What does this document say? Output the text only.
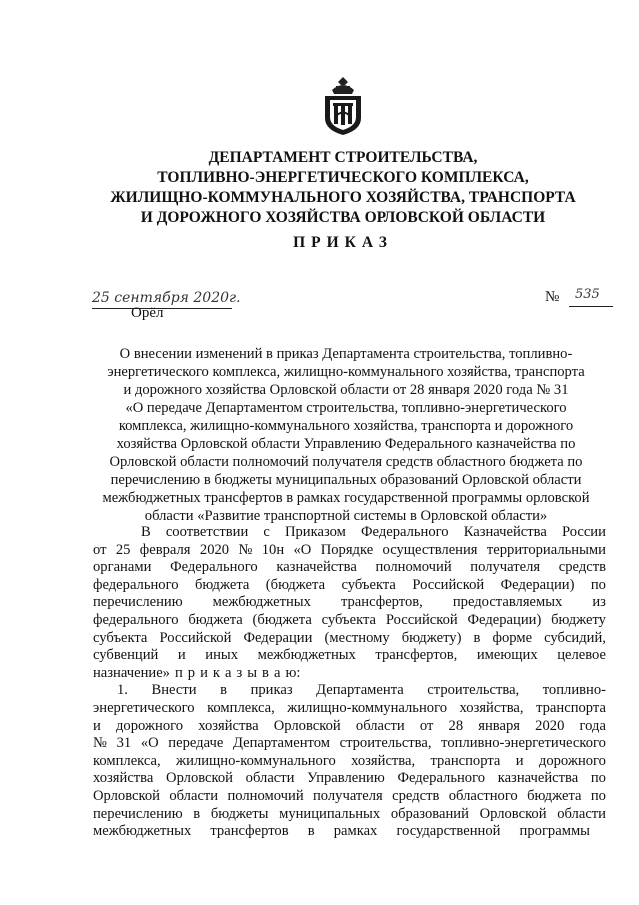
ДЕПАРТАМЕНТ СТРОИТЕЛЬСТВА,
ТОПЛИВНО-ЭНЕРГЕТИЧЕСКОГО КОМПЛЕКСА,
ЖИЛИЩНО-КОММУНАЛЬНОГО ХОЗЯЙСТВА, ТРАНСПОРТА
И ДОРОЖНОГО ХОЗЯЙСТВА ОРЛОВСКОЙ ОБЛАСТИ
ПРИКАЗ
25 сентября 2020г.
Орёл
№ 535
О внесении изменений в приказ Департамента строительства, топливно-
энергетического комплекса, жилищно-коммунального хозяйства, транспорта
и дорожного хозяйства Орловской области от 28 января 2020 года № 31
«О передаче Департаментом строительства, топливно-энергетического
комплекса, жилищно-коммунального хозяйства, транспорта и дорожного
хозяйства Орловской области Управлению Федерального казначейства по
Орловской области полномочий получателя средств областного бюджета по
перечислению в бюджеты муниципальных образований Орловской области
межбюджетных трансфертов в рамках государственной программы орловской
области «Развитие транспортной системы в Орловской области»
В соответствии с Приказом Федерального Казначейства России
от 25 февраля 2020 № 10н «О Порядке осуществления территориальными
органами Федерального казначейства полномочий получателя средств
федерального бюджета (бюджета субъекта Российской Федерации) по
перечислению межбюджетных трансфертов, предоставляемых из
федерального бюджета (бюджета субъекта Российской Федерации) бюджету
субъекта Российской Федерации (местному бюджету) в форме субсидий,
субвенций и иных межбюджетных трансфертов, имеющих целевое
назначение» п р и к а з ы в а ю:
1. Внести в приказ Департамента строительства, топливно-
энергетического комплекса, жилищно-коммунального хозяйства, транспорта
и дорожного хозяйства Орловской области от 28 января 2020 года
№ 31 «О передаче Департаментом строительства, топливно-энергетического
комплекса, жилищно-коммунального хозяйства, транспорта и дорожного
хозяйства Орловской области Управлению Федерального казначейства по
Орловской области полномочий получателя средств областного бюджета по
перечислению в бюджеты муниципальных образований Орловской области
межбюджетных трансфертов в рамках государственной программы
